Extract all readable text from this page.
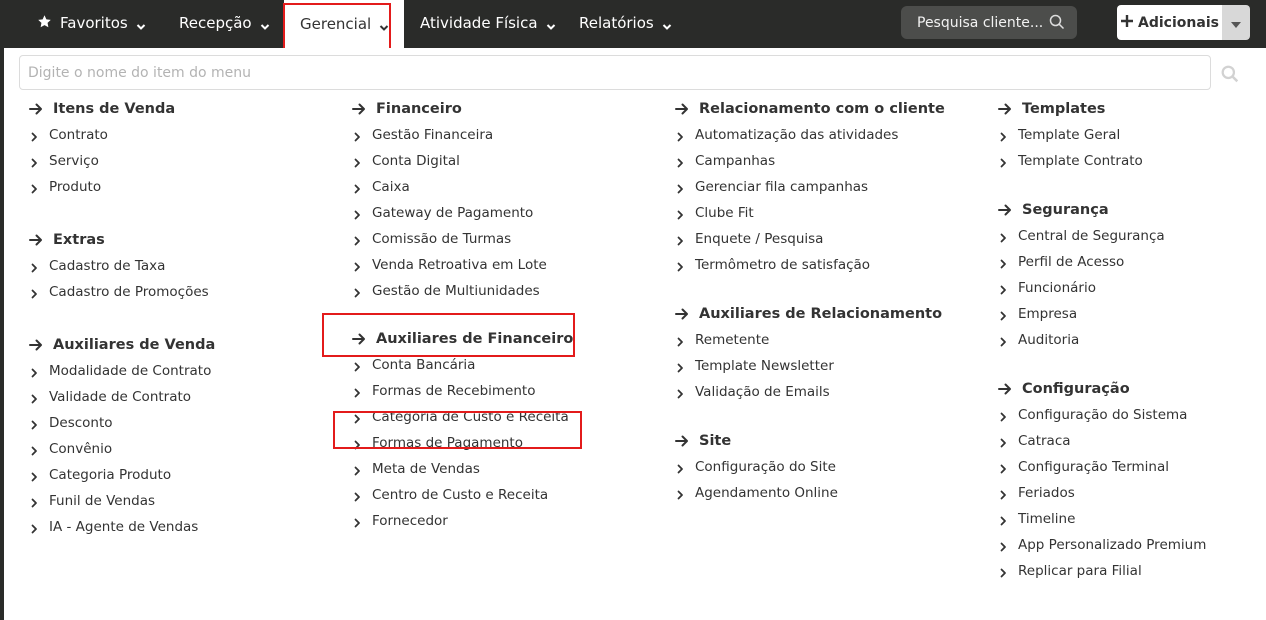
Favoritos	Recepção	Gerencial	Atividade Física	Relatórios	Pesquisa cliente...	Adicionais
Digite o nome do item do menu
Itens de Venda
Contrato
Serviço
Produto
Extras
Cadastro de Taxa
Cadastro de Promoções
Auxiliares de Venda
Modalidade de Contrato
Validade de Contrato
Desconto
Convênio
Categoria Produto
Funil de Vendas
IA - Agente de Vendas
Financeiro
Gestão Financeira
Conta Digital
Caixa
Gateway de Pagamento
Comissão de Turmas
Venda Retroativa em Lote
Gestão de Multiunidades
Auxiliares de Financeiro
Conta Bancária
Formas de Recebimento
Categoria de Custo e Receita
Formas de Pagamento
Meta de Vendas
Centro de Custo e Receita
Fornecedor
Relacionamento com o cliente
Automatização das atividades
Campanhas
Gerenciar fila campanhas
Clube Fit
Enquete / Pesquisa
Termômetro de satisfação
Auxiliares de Relacionamento
Remetente
Template Newsletter
Validação de Emails
Site
Configuração do Site
Agendamento Online
Templates
Template Geral
Template Contrato
Segurança
Central de Segurança
Perfil de Acesso
Funcionário
Empresa
Auditoria
Configuração
Configuração do Sistema
Catraca
Configuração Terminal
Feriados
Timeline
App Personalizado Premium
Replicar para Filial
